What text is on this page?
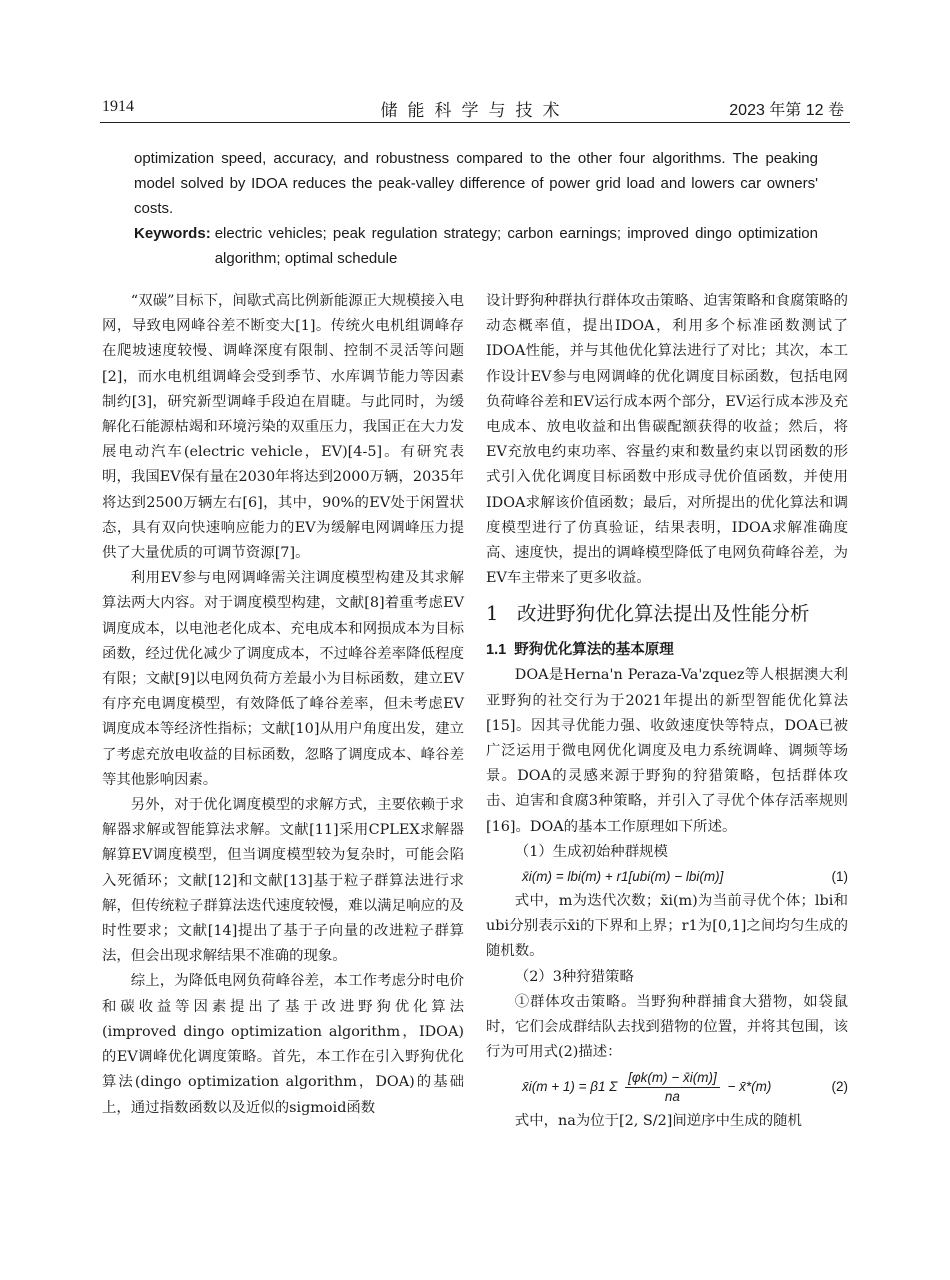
1914	储能科学与技术	2023 年第 12 卷

optimization speed, accuracy, and robustness compared to the other four algorithms. The peaking model solved by IDOA reduces the peak-valley difference of power grid load and lowers car owners' costs.

Keywords: electric vehicles; peak regulation strategy; carbon earnings; improved dingo optimization algorithm; optimal schedule

“双碳”目标下，间歇式高比例新能源正大规模接入电网，导致电网峰谷差不断变大[1]。传统火电机组调峰存在爬坡速度较慢、调峰深度有限制、控制不灵活等问题[2]，而水电机组调峰会受到季节、水库调节能力等因素制约[3]，研究新型调峰手段迫在眉睫。与此同时，为缓解化石能源枯竭和环境污染的双重压力，我国正在大力发展电动汽车(electric vehicle，EV)[4-5]。有研究表明，我国EV保有量在2030年将达到2000万辆，2035年将达到2500万辆左右[6]，其中，90%的EV处于闲置状态，具有双向快速响应能力的EV为缓解电网调峰压力提供了大量优质的可调节资源[7]。

利用EV参与电网调峰需关注调度模型构建及其求解算法两大内容。对于调度模型构建，文献[8]着重考虑EV调度成本，以电池老化成本、充电成本和网损成本为目标函数，经过优化减少了调度成本，不过峰谷差率降低程度有限；文献[9]以电网负荷方差最小为目标函数，建立EV有序充电调度模型，有效降低了峰谷差率，但未考虑EV调度成本等经济性指标；文献[10]从用户角度出发，建立了考虑充放电收益的目标函数，忽略了调度成本、峰谷差等其他影响因素。

另外，对于优化调度模型的求解方式，主要依赖于求解器求解或智能算法求解。文献[11]采用CPLEX求解器解算EV调度模型，但当调度模型较为复杂时，可能会陷入死循环；文献[12]和文献[13]基于粒子群算法进行求解，但传统粒子群算法迭代速度较慢，难以满足响应的及时性要求；文献[14]提出了基于子向量的改进粒子群算法，但会出现求解结果不准确的现象。

综上，为降低电网负荷峰谷差，本工作考虑分时电价和碳收益等因素提出了基于改进野狗优化算法(improved dingo optimization algorithm，IDOA)的EV调峰优化调度策略。首先，本工作在引入野狗优化算法(dingo optimization algorithm，DOA)的基础上，通过指数函数以及近似的sigmoid函数

设计野狗种群执行群体攻击策略、迫害策略和食腐策略的动态概率值，提出IDOA，利用多个标准函数测试了IDOA性能，并与其他优化算法进行了对比；其次，本工作设计EV参与电网调峰的优化调度目标函数，包括电网负荷峰谷差和EV运行成本两个部分，EV运行成本涉及充电成本、放电收益和出售碳配额获得的收益；然后，将EV充放电约束功率、容量约束和数量约束以罚函数的形式引入优化调度目标函数中形成寻优价值函数，并使用IDOA求解该价值函数；最后，对所提出的优化算法和调度模型进行了仿真验证，结果表明，IDOA求解准确度高、速度快，提出的调峰模型降低了电网负荷峰谷差，为EV车主带来了更多收益。

1 改进野狗优化算法提出及性能分析

1.1 野狗优化算法的基本原理

DOA是Herna'n Peraza-Va'zquez等人根据澳大利亚野狗的社交行为于2021年提出的新型智能优化算法[15]。因其寻优能力强、收敛速度快等特点，DOA已被广泛运用于微电网优化调度及电力系统调峰、调频等场景。DOA的灵感来源于野狗的狩猎策略，包括群体攻击、迫害和食腐3种策略，并引入了寻优个体存活率规则[16]。DOA的基本工作原理如下所述。

（1）生成初始种群规模

x̄i(m) = lbi(m) + r1[ubi(m) − lbi(m)]	(1)

式中，m为迭代次数；x̄i(m)为当前寻优个体；lbi和ubi分别表示x̄i的下界和上界；r1为[0,1]之间均匀生成的随机数。

（2）3种狩猎策略

①群体攻击策略。当野狗种群捕食大猎物，如袋鼠时，它们会成群结队去找到猎物的位置，并将其包围，该行为可用式(2)描述：

x̄i(m + 1) = β1 Σ $\frac{[\varphi k(m) - x̄i(m)]}{na}$ − x̄*(m)	(2)

式中，na为位于[2, S/2]间逆序中生成的随机
